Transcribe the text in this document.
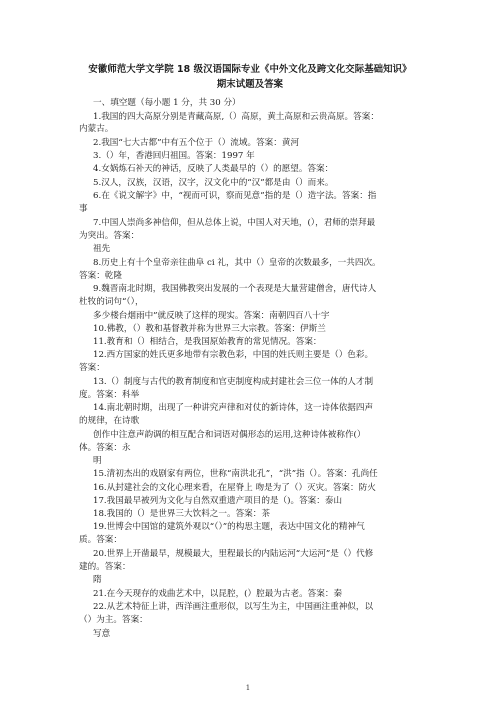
安徽师范大学文学院 18 级汉语国际专业《中外文化及跨文化交际基础知识》
期末试题及答案
一、填空题（每小题 1 分，共 30 分）
1.我国的四大高原分别是青藏高原,（）高原，黄土高原和云贵高原。答案：
内蒙古。
2.我国“七大古都”中有五个位于（）流域。答案：黄河
3.（）年，香港回归祖国。答案：1997 年
4.女娲炼石补天的神话，反映了人类最早的（）的愿望。答案：
5.汉人，汉族，汉语，汉字，汉文化中的“汉”都是由（）而来。
6.在《说文解字》中，“视而可识，察而见意”指的是（）造字法。答案：指
事
7.中国人崇尚多神信仰，但从总体上说，中国人对天地，(），君师的崇拜最
为突出。答案：
祖先
8.历史上有十个皇帝亲往曲阜 ci 礼，其中（）皇帝的次数最多，一共四次。
答案：乾隆
9.魏晋南北时期，我国佛教突出发展的一个表现是大量营建僧舍，唐代诗人
杜牧的词句“（），
多少楼台烟雨中”就反映了这样的现实。答案：南朝四百八十宇
10.佛教，（）教和基督教并称为世界三大宗教。答案：伊斯兰
11.教育和（）相结合，是我国原始教育的常见情况。答案：
12.西方国家的姓氏更多地带有宗教色彩，中国的姓氏则主要是（）色彩。
答案：
13.（）制度与古代的教育制度和官吏制度构成封建社会三位一体的人才制
度。答案：科举
14.南北朝时期，出现了一种讲究声律和对仗的新诗体，这一诗体依据四声
的规律，在诗歌
创作中注意声韵调的相互配合和词语对偶形态的运用,这种诗体被称作(）
体。答案：永
明
15.清初杰出的戏剧家有两位，世称“南洪北孔”，“洪”指（）。答案：孔尚任
16.从封建社会的文化心理来看，在屋脊上 吻是为了（）灭灾。答案：防火
17.我国最早被列为文化与自然双重遗产项目的是（)。答案：泰山
18.我国的（）是世界三大饮料之一。答案：茶
19.世博会中国馆的建筑外观以“（）”的构思主题，表达中国文化的精神气
质。答案：
20.世界上开凿最早，规模最大，里程最长的内陆运河“大运河”是（）代修
建的。答案：
隋
21.在今天现存的戏曲艺术中，以昆腔，(）腔最为古老。答案：秦
22.从艺术特征上讲，西洋画注重形似，以写生为主，中国画注重神似，以
（）为主。答案：
写意
1
